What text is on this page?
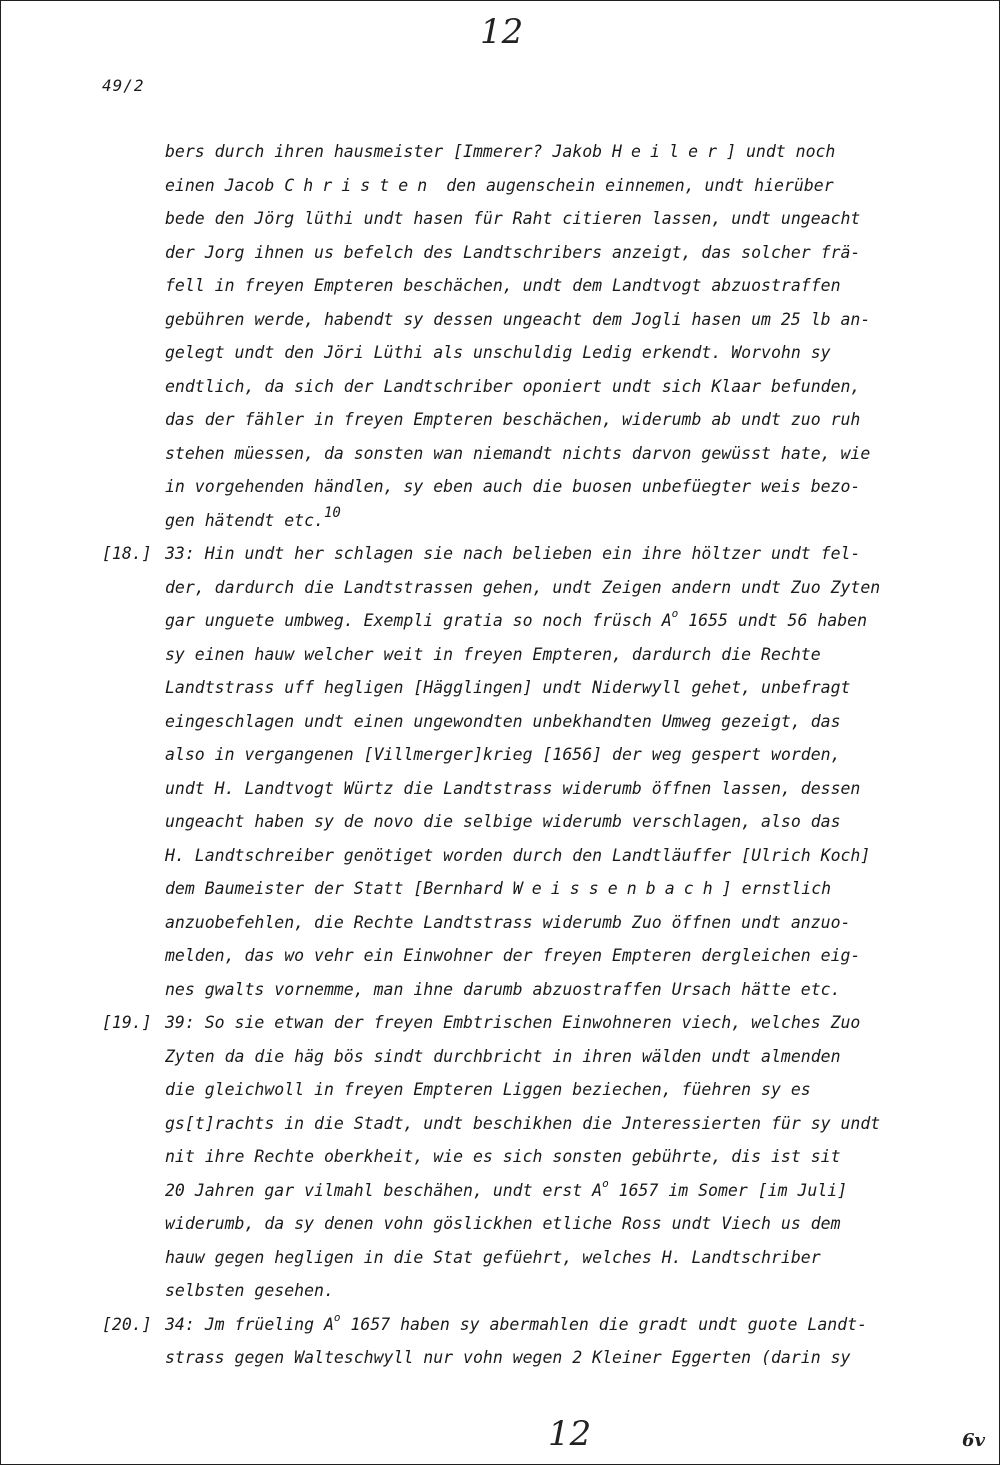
12
49/2
bers durch ihren hausmeister [Immerer? Jakob Heiler] undt noch
einen Jacob Christen den augenschein einnemen, undt hierüber
bede den Jörg lüthi undt hasen für Raht citieren lassen, undt ungeacht
der Jorg ihnen us befelch des Landtschribers anzeigt, das solcher frä-
fell in freyen Empteren beschächen, undt dem Landtvogt abzuostraffen
gebühren werde, habendt sy dessen ungeacht dem Jogli hasen um 25 lb an-
gelegt undt den Jöri Lüthi als unschuldig Ledig erkendt. Worvohn sy
endtlich, da sich der Landtschriber oponiert undt sich Klaar befunden,
das der fähler in freyen Empteren beschächen, widerumb ab undt zuo ruh
stehen müessen, da sonsten wan niemandt nichts darvon gewüsst hate, wie
in vorgehenden händlen, sy eben auch die buosen unbefüegter weis bezo-
gen hätendt etc.$^{10}$
[18.] 33: Hin undt her schlagen sie nach belieben ein ihre höltzer undt fel-
der, dardurch die Landtstrassen gehen, undt Zeigen andern undt Zuo Zyten
gar unguete umbweg. Exempli gratia so noch früsch $A^o$ 1655 undt 56 haben
sy einen hauw welcher weit in freyen Empteren, dardurch die Rechte
Landtstrass uff hegligen [Hägglingen] undt Niderwyll gehet, unbefragt
eingeschlagen undt einen ungewondten unbekhandten Umweg gezeigt, das
also in vergangenen [Villmerger]krieg [1656] der weg gespert worden,
undt H. Landtvogt Würtz die Landtstrass widerumb öffnen lassen, dessen
ungeacht haben sy de novo die selbige widerumb verschlagen, also das
H. Landtschreiber genötiget worden durch den Landtläuffer [Ulrich Koch]
dem Baumeister der Statt [Bernhard Weissenbach] ernstlich
anzuobefehlen, die Rechte Landtstrass widerumb Zuo öffnen undt anzuo-
melden, das wo vehr ein Einwohner der freyen Empteren dergleichen eig-
nes gwalts vornemme, man ihne darumb abzuostraffen Ursach hätte etc.
[19.] 39: So sie etwan der freyen Embtrischen Einwohneren viech, welches Zuo
Zyten da die häg bös sindt durchbricht in ihren wälden undt almenden
die gleichwoll in freyen Empteren Liggen beziechen, füehren sy es
gs[t]rachts in die Stadt, undt beschikhen die Jnteressierten für sy undt
nit ihre Rechte oberkheit, wie es sich sonsten gebührte, dis ist sit
20 Jahren gar vilmahl beschähen, undt erst $A^o$ 1657 im Somer [im Juli]
widerumb, da sy denen vohn göslickhen etliche Ross undt Viech us dem
hauw gegen hegligen in die Stat gefüehrt, welches H. Landtschriber
selbsten gesehen.
[20.] 34: Jm früeling $A^o$ 1657 haben sy abermahlen die gradt undt guote Landt-
strass gegen Walteschwyll nur vohn wegen 2 Kleiner Eggerten (darin sy
12	6v
